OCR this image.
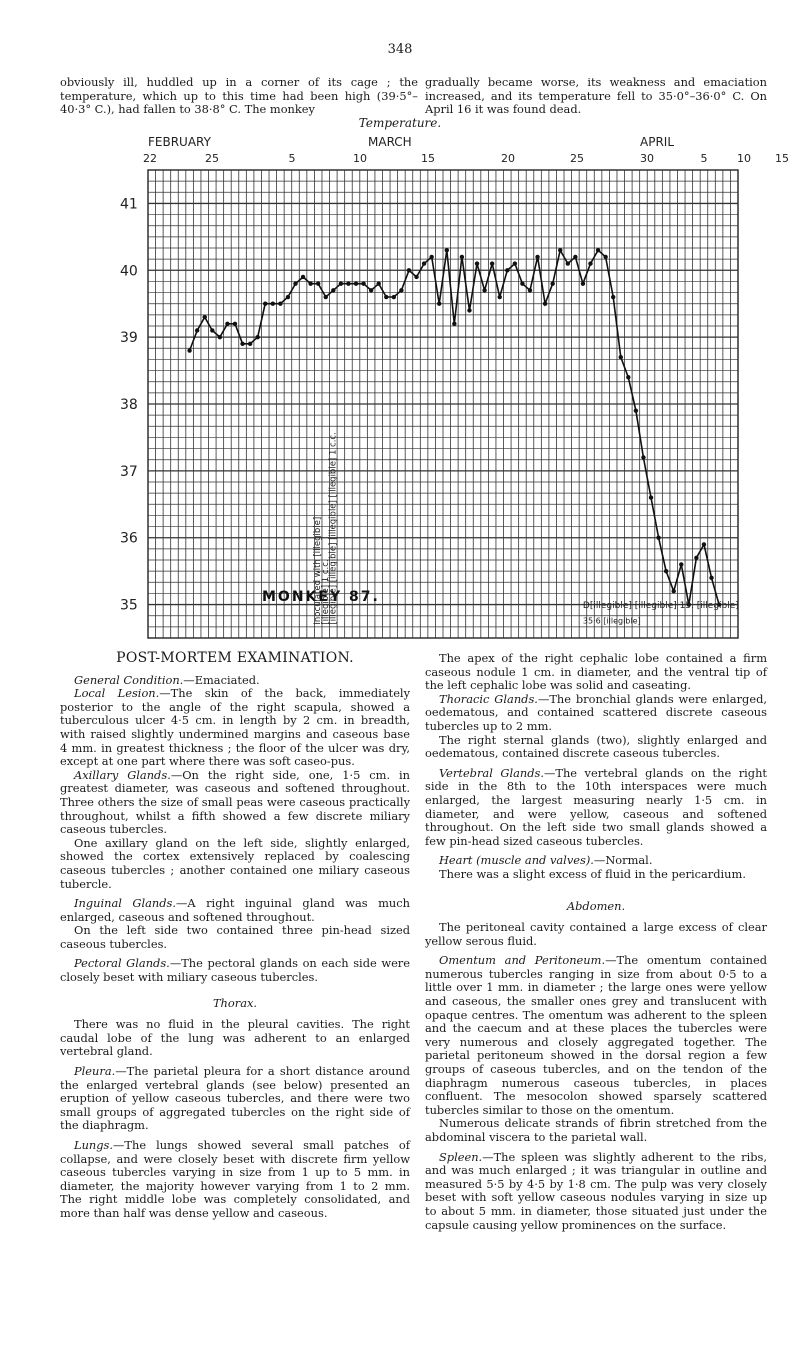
348

obviously ill, huddled up in a corner of its cage ; the temperature, which up to this time had been high (39·5°–40·3° C.), had fallen to 38·8° C. The monkey

gradually became worse, its weakness and emaciation increased, and its temperature fell to 35·0°–36·0° C. On April 16 it was found dead.

Temperature.
FEBRUARY	MARCH	APRIL
22	25	5	10	15	20	25	30	5	10 15
41
40
39
38
37
36
35
MONKEY 87.
Inoculated with [illegible]
[illegible] 1 c.c.
[illegible] [illegible] [illegible] [illegible] 1 c.c.	D[illegible] [illegible] 15. [illegible]
35·6 [illegible]
POST-MORTEM EXAMINATION.

General Condition.—Emaciated.

Local Lesion.—The skin of the back, immediately posterior to the angle of the right scapula, showed a tuberculous ulcer 4·5 cm. in length by 2 cm. in breadth, with raised slightly undermined margins and caseous base 4 mm. in greatest thickness ; the floor of the ulcer was dry, except at one part where there was soft caseo-pus.

Axillary Glands.—On the right side, one, 1·5 cm. in greatest diameter, was caseous and softened throughout. Three others the size of small peas were caseous practically throughout, whilst a fifth showed a few discrete miliary caseous tubercles.

One axillary gland on the left side, slightly enlarged, showed the cortex extensively replaced by coalescing caseous tubercles ; another contained one miliary caseous tubercle.

Inguinal Glands.—A right inguinal gland was much enlarged, caseous and softened throughout.

On the left side two contained three pin-head sized caseous tubercles.

Pectoral Glands.—The pectoral glands on each side were closely beset with miliary caseous tubercles.

Thorax.

There was no fluid in the pleural cavities. The right caudal lobe of the lung was adherent to an enlarged vertebral gland.

Pleura.—The parietal pleura for a short distance around the enlarged vertebral glands (see below) presented an eruption of yellow caseous tubercles, and there were two small groups of aggregated tubercles on the right side of the diaphragm.

Lungs.—The lungs showed several small patches of collapse, and were closely beset with discrete firm yellow caseous tubercles varying in size from 1 up to 5 mm. in diameter, the majority however varying from 1 to 2 mm. The right middle lobe was completely consolidated, and more than half was dense yellow and caseous.

The apex of the right cephalic lobe contained a firm caseous nodule 1 cm. in diameter, and the ventral tip of the left cephalic lobe was solid and caseating.

Thoracic Glands.—The bronchial glands were enlarged, oedematous, and contained scattered discrete caseous tubercles up to 2 mm.

The right sternal glands (two), slightly enlarged and oedematous, contained discrete caseous tubercles.

Vertebral Glands.—The vertebral glands on the right side in the 8th to the 10th interspaces were much enlarged, the largest measuring nearly 1·5 cm. in diameter, and were yellow, caseous and softened throughout. On the left side two small glands showed a few pin-head sized caseous tubercles.

Heart (muscle and valves).—Normal.

There was a slight excess of fluid in the pericardium.

Abdomen.

The peritoneal cavity contained a large excess of clear yellow serous fluid.

Omentum and Peritoneum.—The omentum contained numerous tubercles ranging in size from about 0·5 to a little over 1 mm. in diameter ; the large ones were yellow and caseous, the smaller ones grey and translucent with opaque centres. The omentum was adherent to the spleen and the caecum and at these places the tubercles were very numerous and closely aggregated together. The parietal peritoneum showed in the dorsal region a few groups of caseous tubercles, and on the tendon of the diaphragm numerous caseous tubercles, in places confluent. The mesocolon showed sparsely scattered tubercles similar to those on the omentum.

Numerous delicate strands of fibrin stretched from the abdominal viscera to the parietal wall.

Spleen.—The spleen was slightly adherent to the ribs, and was much enlarged ; it was triangular in outline and measured 5·5 by 4·5 by 1·8 cm. The pulp was very closely beset with soft yellow caseous nodules varying in size up to about 5 mm. in diameter, those situated just under the capsule causing yellow prominences on the surface.
